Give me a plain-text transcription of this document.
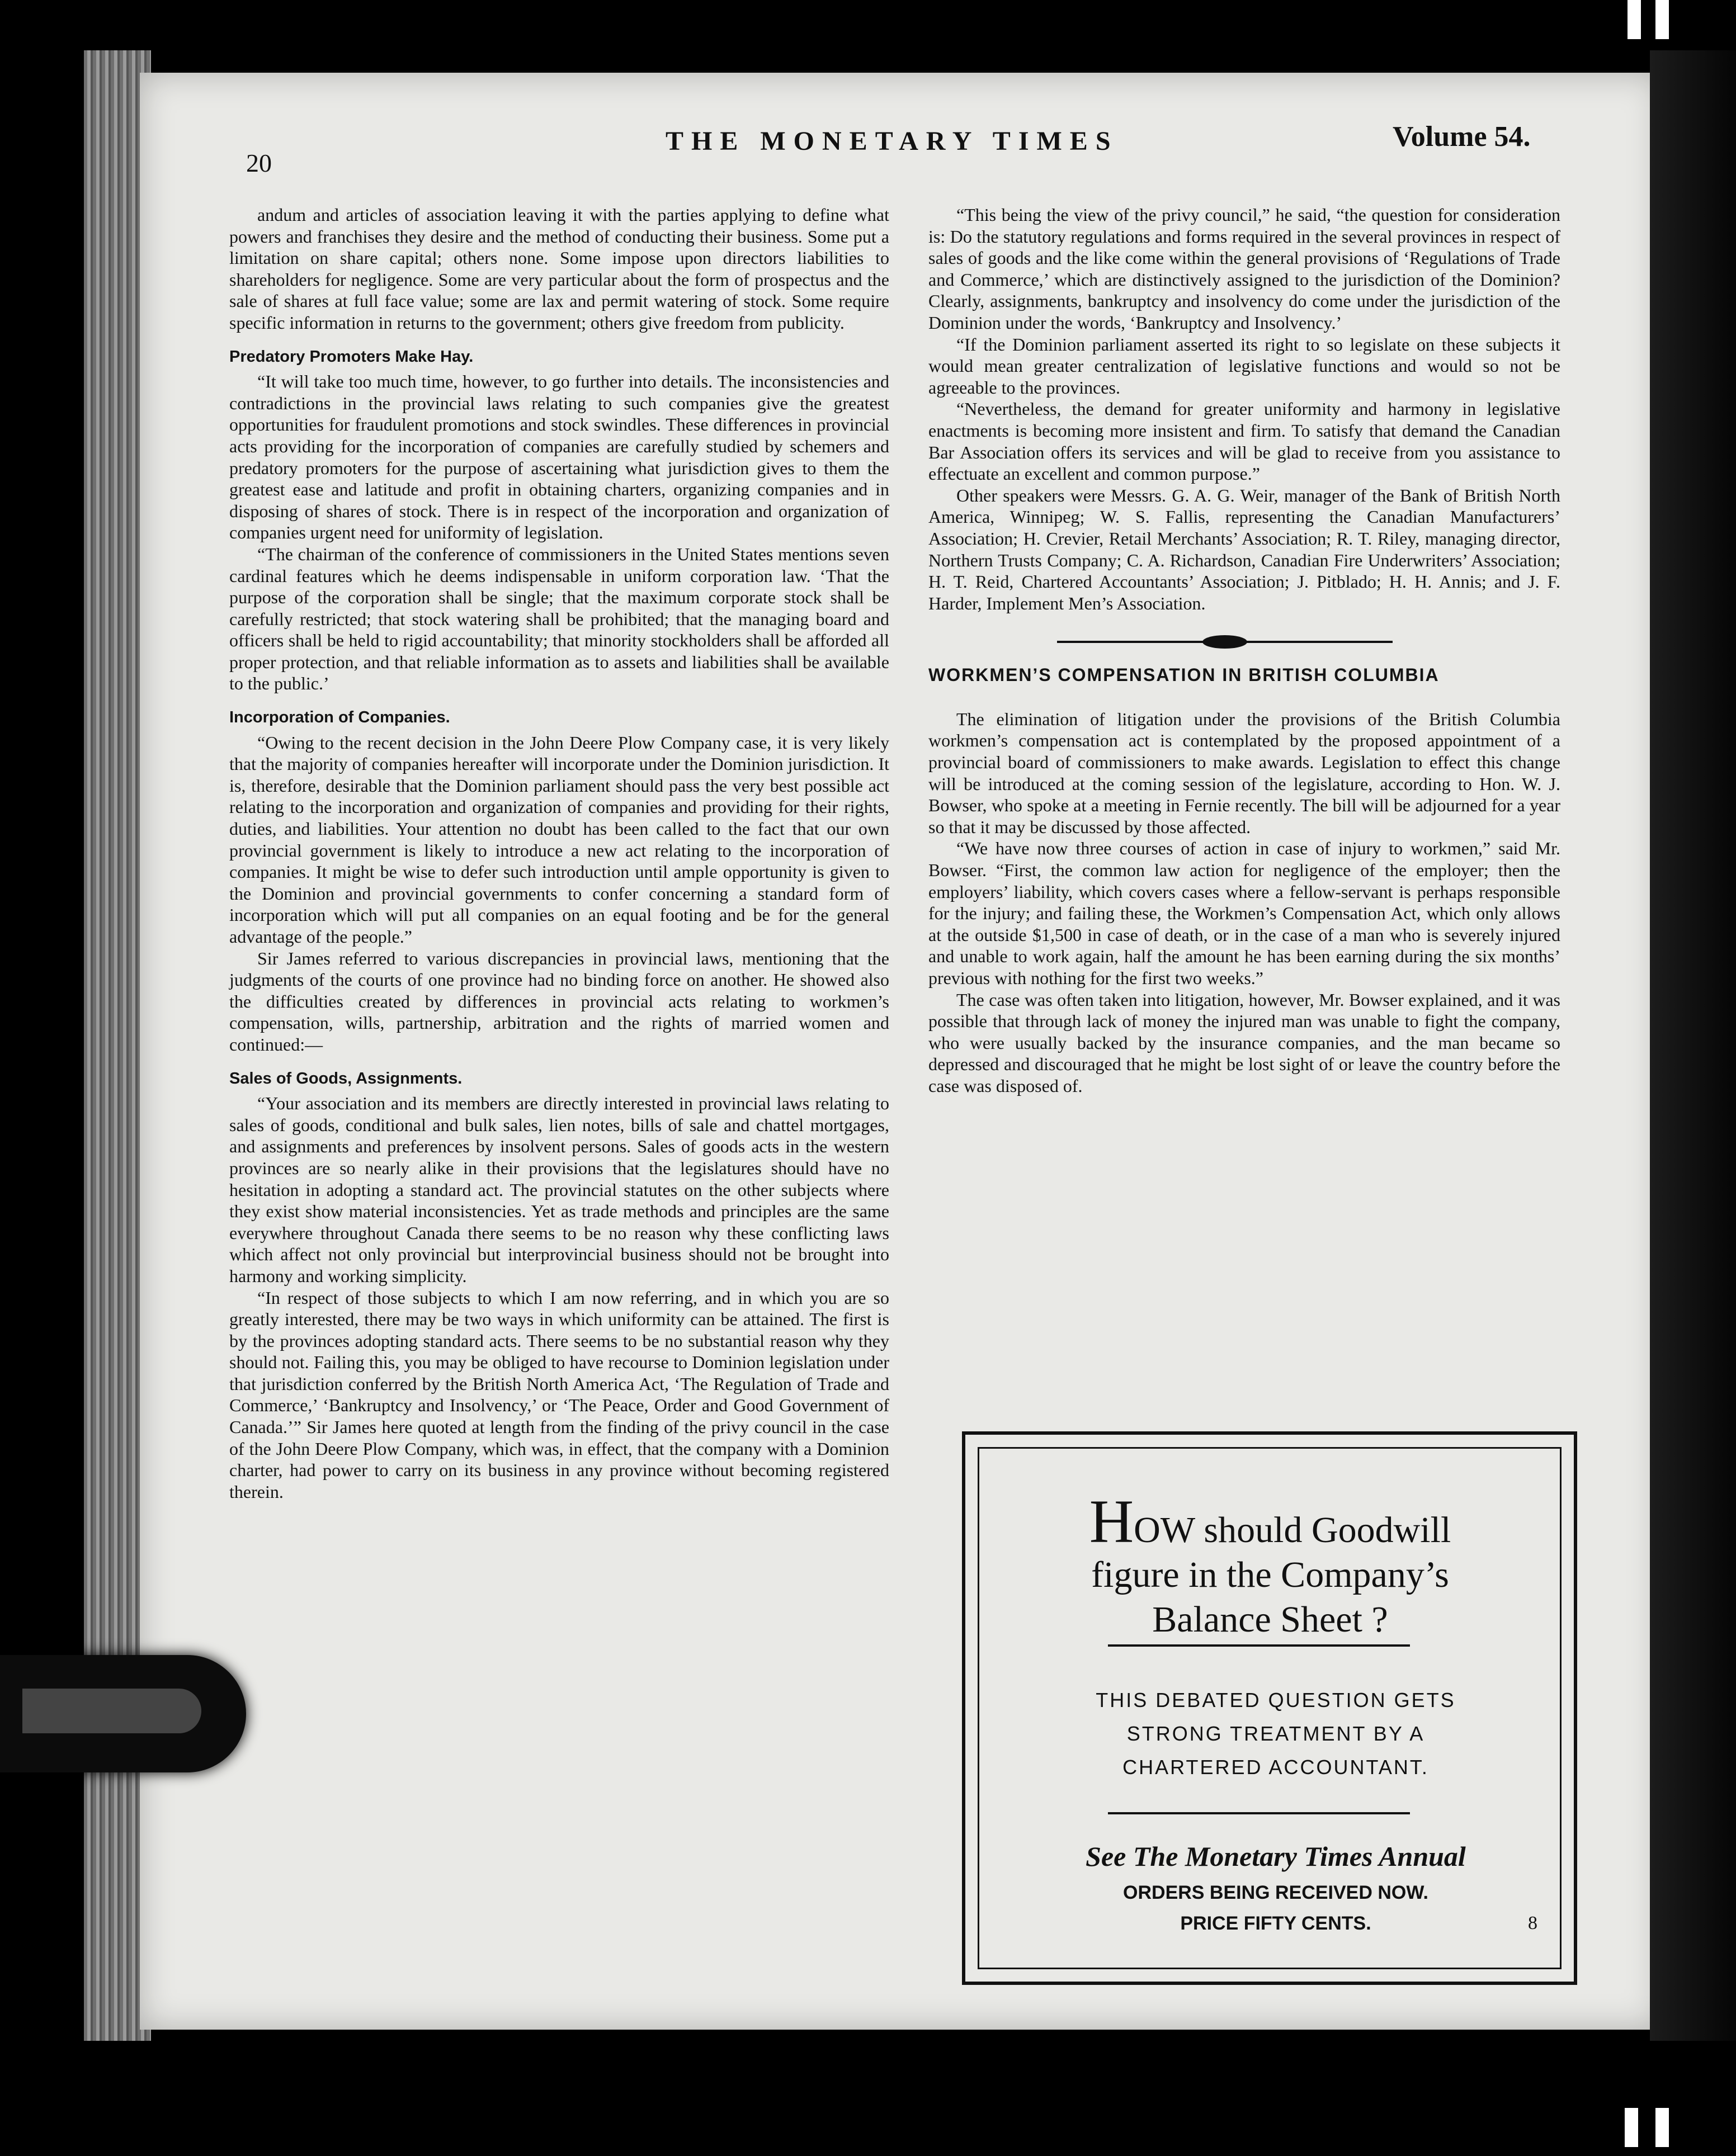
20
THE MONETARY TIMES	Volume 54.

andum and articles of association leaving it with the parties applying to define what powers and franchises they desire and the method of conducting their business. Some put a limitation on share capital; others none. Some impose upon directors liabilities to shareholders for negligence. Some are very particular about the form of prospectus and the sale of shares at full face value; some are lax and permit watering of stock. Some require specific information in returns to the government; others give freedom from publicity.

Predatory Promoters Make Hay.

“It will take too much time, however, to go further into details. The inconsistencies and contradictions in the provincial laws relating to such companies give the greatest opportunities for fraudulent promotions and stock swindles. These differences in provincial acts providing for the incorporation of companies are carefully studied by schemers and predatory promoters for the purpose of ascertaining what jurisdiction gives to them the greatest ease and latitude and profit in obtaining charters, organizing companies and in disposing of shares of stock. There is in respect of the incorporation and organization of companies urgent need for uniformity of legislation.

“The chairman of the conference of commissioners in the United States mentions seven cardinal features which he deems indispensable in uniform corporation law. ‘That the purpose of the corporation shall be single; that the maximum corporate stock shall be carefully restricted; that stock watering shall be prohibited; that the managing board and officers shall be held to rigid accountability; that minority stockholders shall be afforded all proper protection, and that reliable information as to assets and liabilities shall be available to the public.’

Incorporation of Companies.

“Owing to the recent decision in the John Deere Plow Company case, it is very likely that the majority of companies hereafter will incorporate under the Dominion jurisdiction. It is, therefore, desirable that the Dominion parliament should pass the very best possible act relating to the incorporation and organization of companies and providing for their rights, duties, and liabilities. Your attention no doubt has been called to the fact that our own provincial government is likely to introduce a new act relating to the incorporation of companies. It might be wise to defer such introduction until ample opportunity is given to the Dominion and provincial governments to confer concerning a standard form of incorporation which will put all companies on an equal footing and be for the general advantage of the people.”

Sir James referred to various discrepancies in provincial laws, mentioning that the judgments of the courts of one province had no binding force on another. He showed also the difficulties created by differences in provincial acts relating to workmen’s compensation, wills, partnership, arbitration and the rights of married women and continued:—

Sales of Goods, Assignments.

“Your association and its members are directly interested in provincial laws relating to sales of goods, conditional and bulk sales, lien notes, bills of sale and chattel mortgages, and assignments and preferences by insolvent persons. Sales of goods acts in the western provinces are so nearly alike in their provisions that the legislatures should have no hesitation in adopting a standard act. The provincial statutes on the other subjects where they exist show material inconsistencies. Yet as trade methods and principles are the same everywhere throughout Canada there seems to be no reason why these conflicting laws which affect not only provincial but interprovincial business should not be brought into harmony and working simplicity.

“In respect of those subjects to which I am now referring, and in which you are so greatly interested, there may be two ways in which uniformity can be attained. The first is by the provinces adopting standard acts. There seems to be no substantial reason why they should not. Failing this, you may be obliged to have recourse to Dominion legislation under that jurisdiction conferred by the British North America Act, ‘The Regulation of Trade and Commerce,’ ‘Bankruptcy and Insolvency,’ or ‘The Peace, Order and Good Government of Canada.’” Sir James here quoted at length from the finding of the privy council in the case of the John Deere Plow Company, which was, in effect, that the company with a Dominion charter, had power to carry on its business in any province without becoming registered therein.

“This being the view of the privy council,” he said, “the question for consideration is: Do the statutory regulations and forms required in the several provinces in respect of sales of goods and the like come within the general provisions of ‘Regulations of Trade and Commerce,’ which are distinctively assigned to the jurisdiction of the Dominion? Clearly, assignments, bankruptcy and insolvency do come under the jurisdiction of the Dominion under the words, ‘Bankruptcy and Insolvency.’

“If the Dominion parliament asserted its right to so legislate on these subjects it would mean greater centralization of legislative functions and would so not be agreeable to the provinces.

“Nevertheless, the demand for greater uniformity and harmony in legislative enactments is becoming more insistent and firm. To satisfy that demand the Canadian Bar Association offers its services and will be glad to receive from you assistance to effectuate an excellent and common purpose.”

Other speakers were Messrs. G. A. G. Weir, manager of the Bank of British North America, Winnipeg; W. S. Fallis, representing the Canadian Manufacturers’ Association; H. Crevier, Retail Merchants’ Association; R. T. Riley, managing director, Northern Trusts Company; C. A. Richardson, Canadian Fire Underwriters’ Association; H. T. Reid, Chartered Accountants’ Association; J. Pitblado; H. H. Annis; and J. F. Harder, Implement Men’s Association.

WORKMEN’S COMPENSATION IN BRITISH COLUMBIA

The elimination of litigation under the provisions of the British Columbia workmen’s compensation act is contemplated by the proposed appointment of a provincial board of commissioners to make awards. Legislation to effect this change will be introduced at the coming session of the legislature, according to Hon. W. J. Bowser, who spoke at a meeting in Fernie recently. The bill will be adjourned for a year so that it may be discussed by those affected.

“We have now three courses of action in case of injury to workmen,” said Mr. Bowser. “First, the common law action for negligence of the employer; then the employers’ liability, which covers cases where a fellow-servant is perhaps responsible for the injury; and failing these, the Workmen’s Compensation Act, which only allows at the outside $1,500 in case of death, or in the case of a man who is severely injured and unable to work again, half the amount he has been earning during the six months’ previous with nothing for the first two weeks.”

The case was often taken into litigation, however, Mr. Bowser explained, and it was possible that through lack of money the injured man was unable to fight the company, who were usually backed by the insurance companies, and the man became so depressed and discouraged that he might be lost sight of or leave the country before the case was disposed of.

HOW should Goodwill
figure in the Company’s
Balance Sheet ?
THIS DEBATED QUESTION GETS
STRONG TREATMENT BY A
CHARTERED ACCOUNTANT.
See The Monetary Times Annual
ORDERS BEING RECEIVED NOW.
PRICE FIFTY CENTS.	8
